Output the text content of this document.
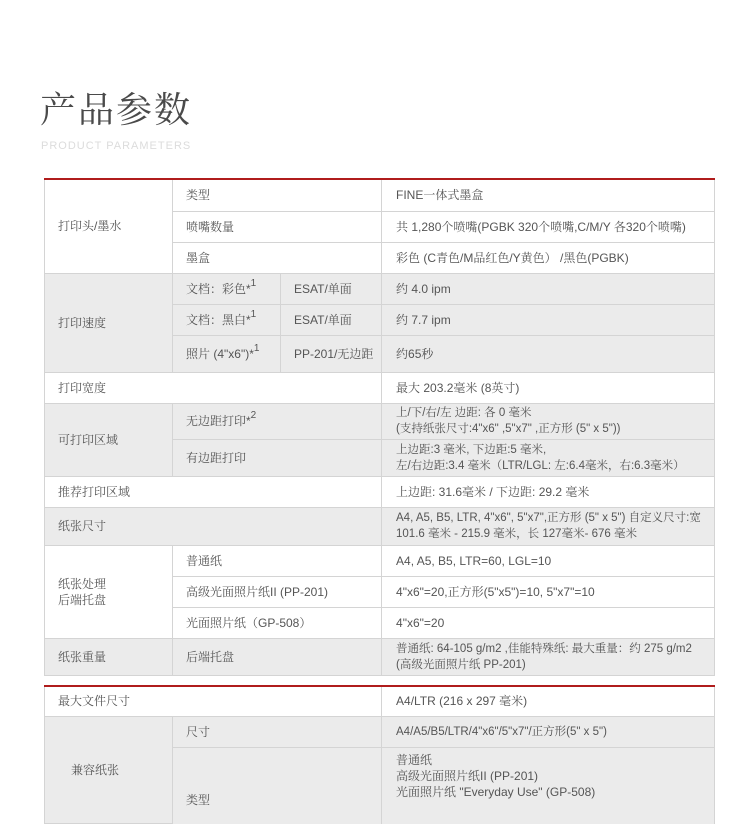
产品参数
PRODUCT PARAMETERS
打印头/墨水	类型		FINE一体式墨盒
	喷嘴数量		共 1,280个喷嘴(PGBK 320个喷嘴,C/M/Y 各320个喷嘴)
	墨盒		彩色 (C青色/M品红色/Y黄色） /黑色(PGBK)
打印速度	文档：彩色*$^1$	ESAT/单面	约 4.0 ipm
	文档：黑白*$^1$	ESAT/单面	约 7.7 ipm
	照片 (4"x6")*$^1$	PP-201/无边距	约65秒
打印宽度			最大 203.2毫米 (8英寸)
可打印区域	无边距打印*$^2$		上/下/右/左 边距: 各 0 毫米
(支持纸张尺寸:4"x6" ,5"x7" ,正方形 (5" x 5"))

	有边距打印		上边距:3 毫米, 下边距:5 毫米,
左/右边距:3.4 毫米（LTR/LGL: 左:6.4毫米，右:6.3毫米）

推荐打印区域			上边距: 31.6毫米 / 下边距: 29.2 毫米
纸张尺寸			A4, A5, B5, LTR, 4"x6", 5"x7",正方形 (5" x 5") 自定义尺寸:宽
101.6 毫米 - 215.9 毫米，长 127毫米- 676 毫米

纸张处理
后端托盘	普通纸		A4, A5, B5, LTR=60, LGL=10
	高级光面照片纸II (PP-201)		4"x6"=20,正方形(5"x5")=10, 5"x7"=10
	光面照片纸（GP-508）		4"x6"=20
纸张重量	后端托盘		普通纸: 64-105 g/m2 ,佳能特殊纸: 最大重量：约 275 g/m2
(高级光面照片纸 PP-201)

最大文件尺寸			A4/LTR (216 x 297 毫米)
兼容纸张	尺寸		A4/A5/B5/LTR/4"x6"/5"x7"/正方形(5" x 5")
	类型		普通纸
高级光面照片纸II (PP-201)
光面照片纸 "Everyday Use" (GP-508)
